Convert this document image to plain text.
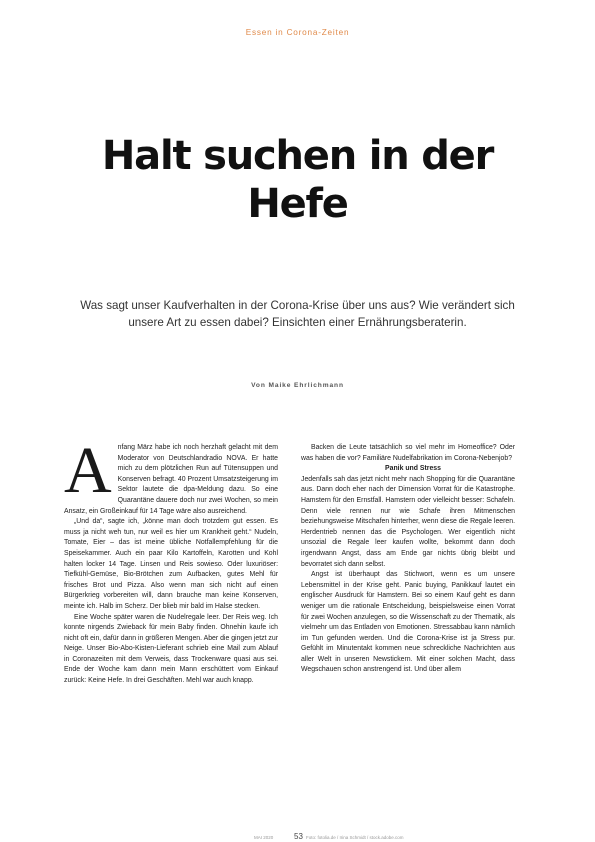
Essen in Corona-Zeiten
Halt suchen in der
Hefe

Was sagt unser Kaufverhalten in der Corona-Krise über uns aus? Wie verändert sich unsere Art zu essen dabei? Einsichten einer Ernährungsberaterin.

Von Maike Ehrlichmann

Anfang März habe ich noch herzhaft gelacht mit dem Moderator von Deutschlandradio NOVA. Er hatte mich zu dem plötzlichen Run auf Tütensuppen und Konserven befragt. 40 Prozent Umsatzsteigerung im Sektor lautete die dpa-Meldung dazu. So eine Quarantäne dauere doch nur zwei Wochen, so mein Ansatz, ein Großeinkauf für 14 Tage wäre also ausreichend.

„Und da“, sagte ich, „könne man doch trotzdem gut essen. Es muss ja nicht weh tun, nur weil es hier um Krankheit geht.“ Nudeln, Tomate, Eier – das ist meine übliche Notfallempfehlung für die Speisekammer. Auch ein paar Kilo Kartoffeln, Karotten und Kohl halten locker 14 Tage. Linsen und Reis sowieso. Oder luxuriöser: Tiefkühl-Gemüse, Bio-Brötchen zum Aufbacken, gutes Mehl für frisches Brot und Pizza. Also wenn man sich nicht auf einen Bürgerkrieg vorbereiten will, dann brauche man keine Konserven, meinte ich. Halb im Scherz. Der blieb mir bald im Halse stecken.

Eine Woche später waren die Nudelregale leer. Der Reis weg. Ich konnte nirgends Zwieback für mein Baby finden. Ohnehin kaufe ich nicht oft ein, dafür dann in größeren Mengen. Aber die gingen jetzt zur Neige. Unser Bio-Abo-Kisten-Lieferant schrieb eine Mail zum Ablauf in Coronazeiten mit dem Verweis, dass Trockenware quasi aus sei. Ende der Woche kam dann mein Mann erschüttert vom Einkauf zurück: Keine Hefe. In drei Geschäften. Mehl war auch knapp.

Backen die Leute tatsächlich so viel mehr im Homeoffice? Oder was haben die vor? Familiäre Nudelfabrikation im Corona-Nebenjob?

Panik und Stress

Jedenfalls sah das jetzt nicht mehr nach Shopping für die Quarantäne aus. Dann doch eher nach der Dimension Vorrat für die Katastrophe. Hamstern für den Ernstfall. Hamstern oder vielleicht besser: Schafeln. Denn viele rennen nur wie Schafe ihren Mitmenschen beziehungsweise Mitschafen hinterher, wenn diese die Regale leeren. Herdentrieb nennen das die Psychologen. Wer eigentlich nicht unsozial die Regale leer kaufen wollte, bekommt dann doch irgendwann Angst, dass am Ende gar nichts übrig bleibt und bevorratet sich dann selbst.

Angst ist überhaupt das Stichwort, wenn es um unsere Lebensmittel in der Krise geht. Panic buying, Panikkauf lautet ein englischer Ausdruck für Hamstern. Bei so einem Kauf geht es dann weniger um die rationale Entscheidung, beispielsweise einen Vorrat für zwei Wochen anzulegen, so die Wissenschaft zu der Thematik, als vielmehr um das Entladen von Emotionen. Stressabbau kann nämlich im Tun gefunden werden. Und die Corona-Krise ist ja Stress pur. Gefühlt im Minutentakt kommen neue schreckliche Nachrichten aus aller Welt in unseren Newstickern. Mit einer solchen Macht, dass Wegschauen schon anstrengend ist. Und über allem

MAI 2020	53 Foto: fotolia.de / Irina Schmidt / stock.adobe.com
